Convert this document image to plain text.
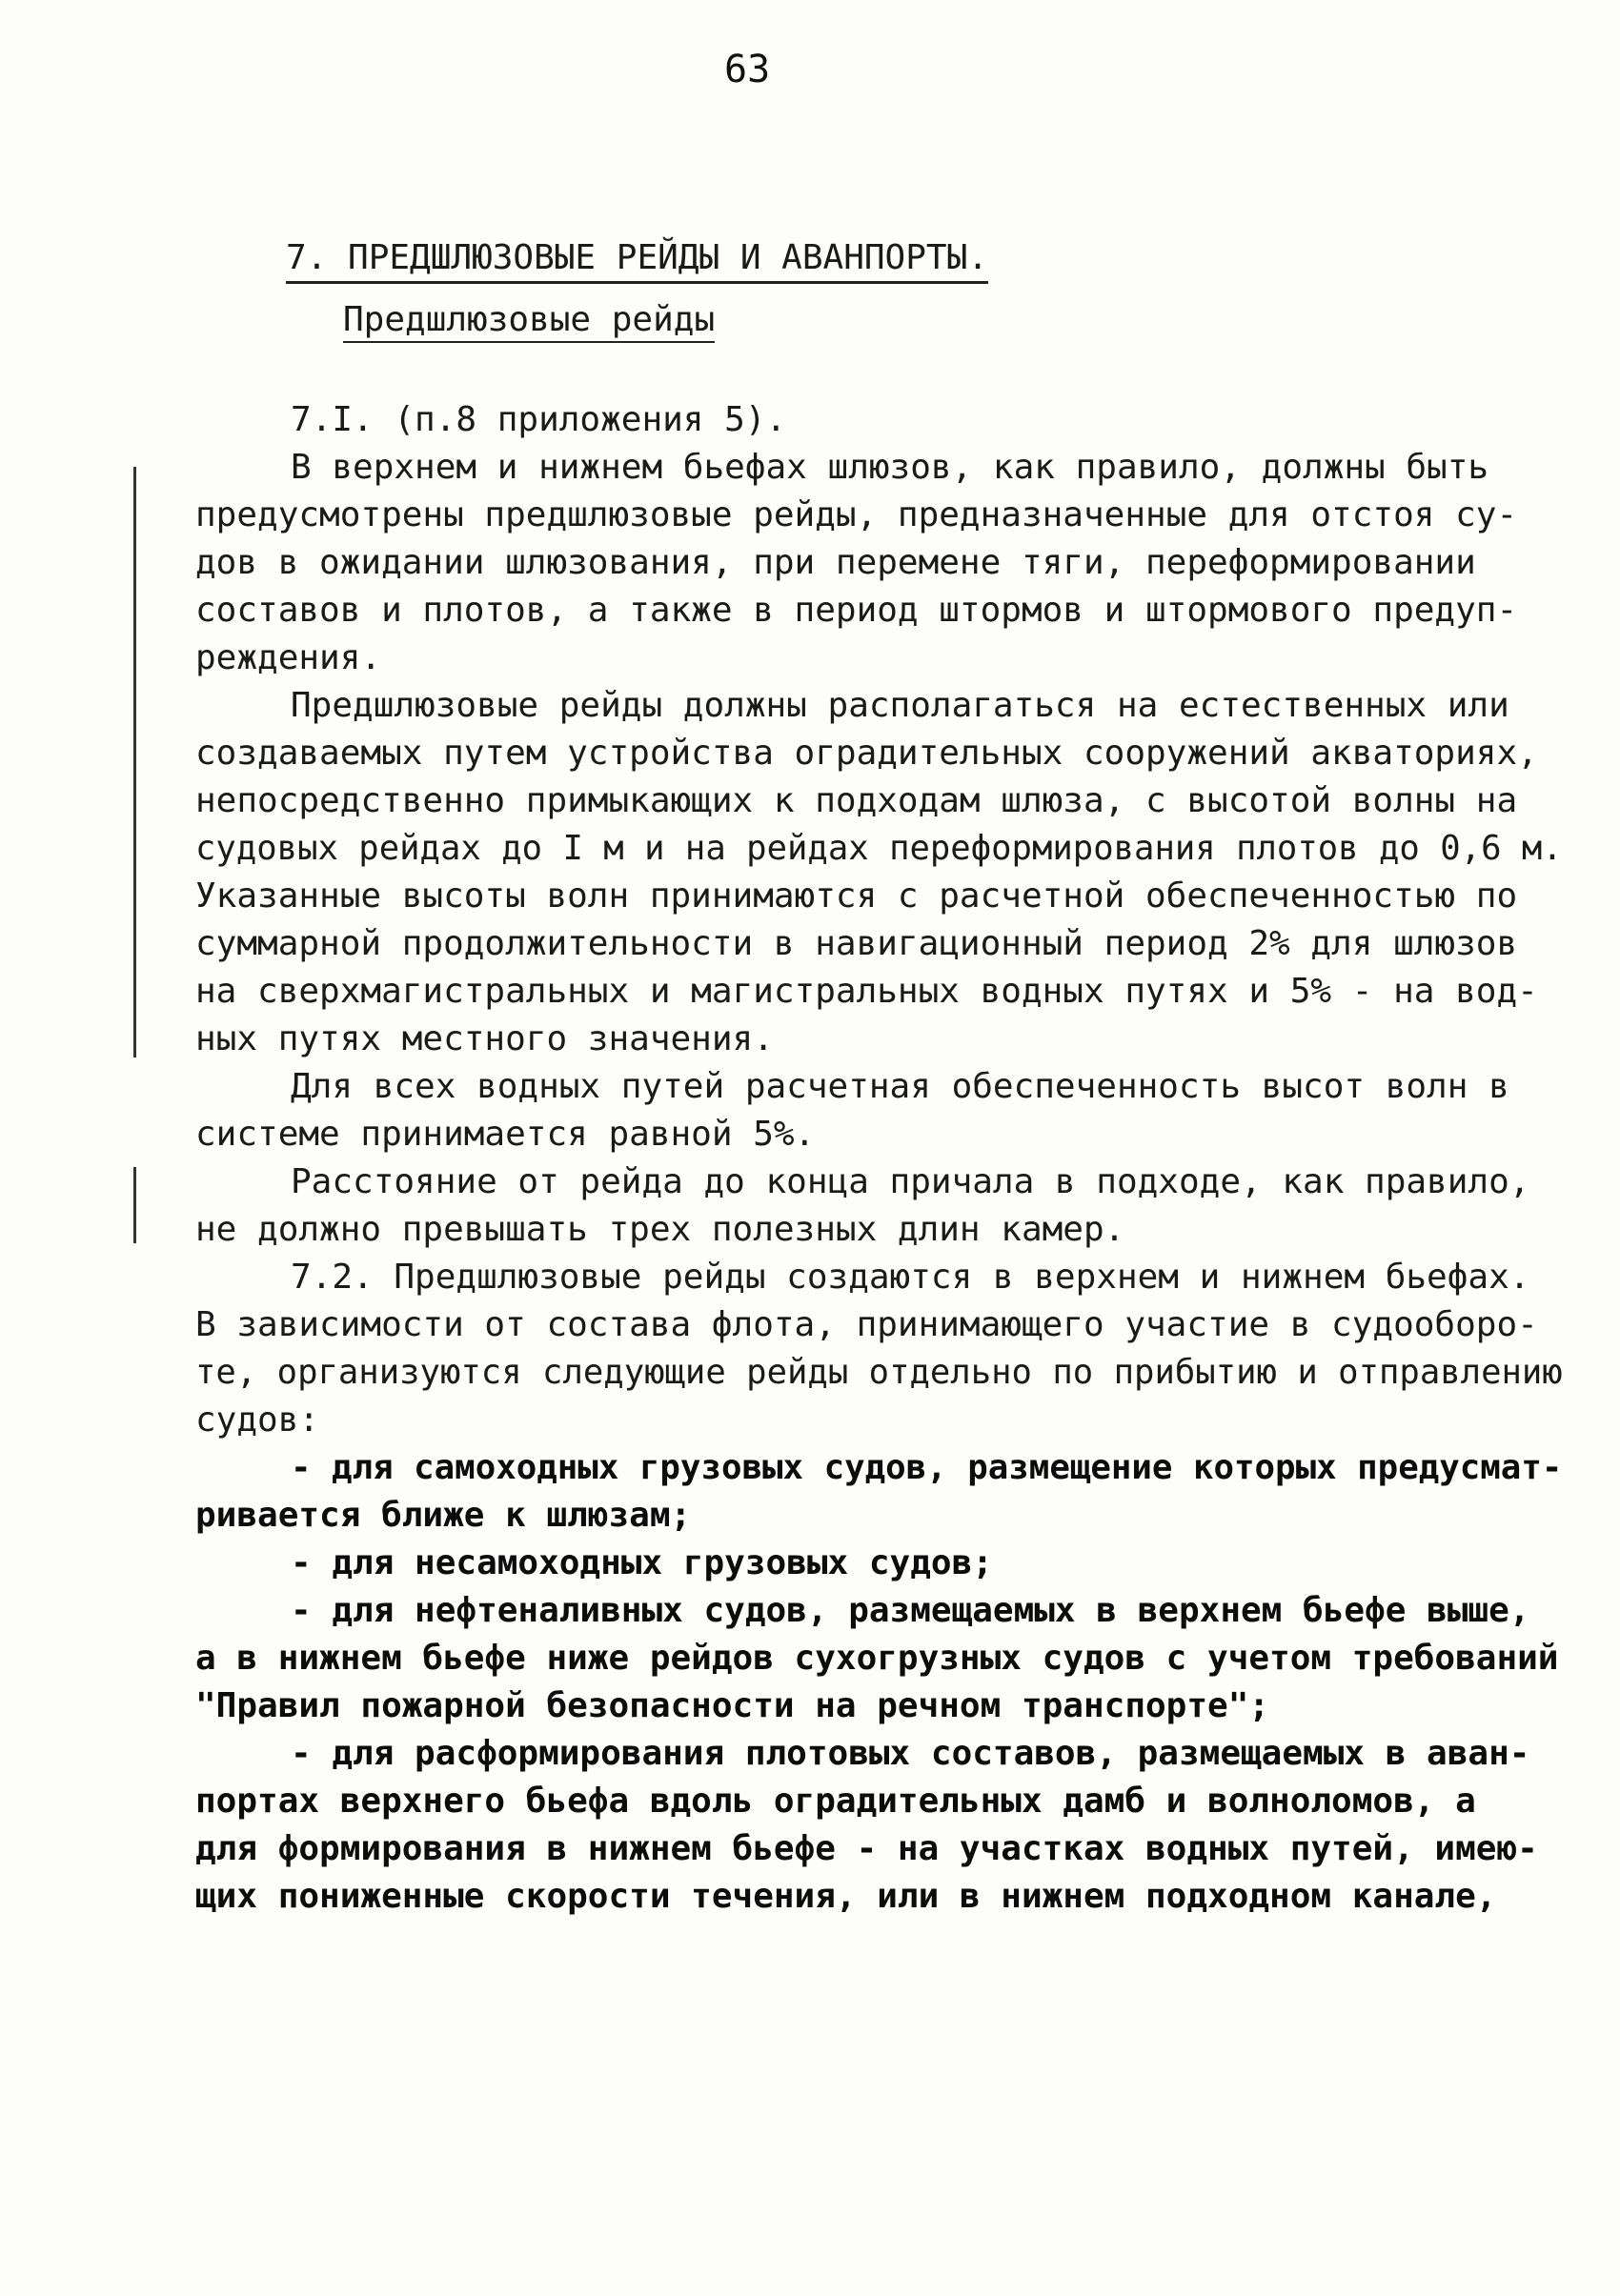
63
7. ПРЕДШЛЮЗОВЫЕ РЕЙДЫ И АВАНПОРТЫ.
Предшлюзовые рейды
7.I. (п.8 приложения 5).
В верхнем и нижнем бьефах шлюзов, как правило, должны быть
предусмотрены предшлюзовые рейды, предназначенные для отстоя су-
дов в ожидании шлюзования, при перемене тяги, переформировании
составов и плотов, а также в период штормов и штормового предуп-
реждения.
Предшлюзовые рейды должны располагаться на естественных или
создаваемых путем устройства оградительных сооружений акваториях,
непосредственно примыкающих к подходам шлюза, с высотой волны на
судовых рейдах до I м и на рейдах переформирования плотов до 0,6 м.
Указанные высоты волн принимаются с расчетной обеспеченностью по
суммарной продолжительности в навигационный период 2% для шлюзов
на сверхмагистральных и магистральных водных путях и 5% - на вод-
ных путях местного значения.
Для всех водных путей расчетная обеспеченность высот волн в
системе принимается равной 5%.
Расстояние от рейда до конца причала в подходе, как правило,
не должно превышать трех полезных длин камер.
7.2. Предшлюзовые рейды создаются в верхнем и нижнем бьефах.
В зависимости от состава флота, принимающего участие в судооборо-
те, организуются следующие рейды отдельно по прибытию и отправлению
судов:
- для самоходных грузовых судов, размещение которых предусмат-
ривается ближе к шлюзам;
- для несамоходных грузовых судов;
- для нефтеналивных судов, размещаемых в верхнем бьефе выше,
а в нижнем бьефе ниже рейдов сухогрузных судов с учетом требований
"Правил пожарной безопасности на речном транспорте";
- для расформирования плотовых составов, размещаемых в аван-
портах верхнего бьефа вдоль оградительных дамб и волноломов, а
для формирования в нижнем бьефе - на участках водных путей, имею-
щих пониженные скорости течения, или в нижнем подходном канале,
